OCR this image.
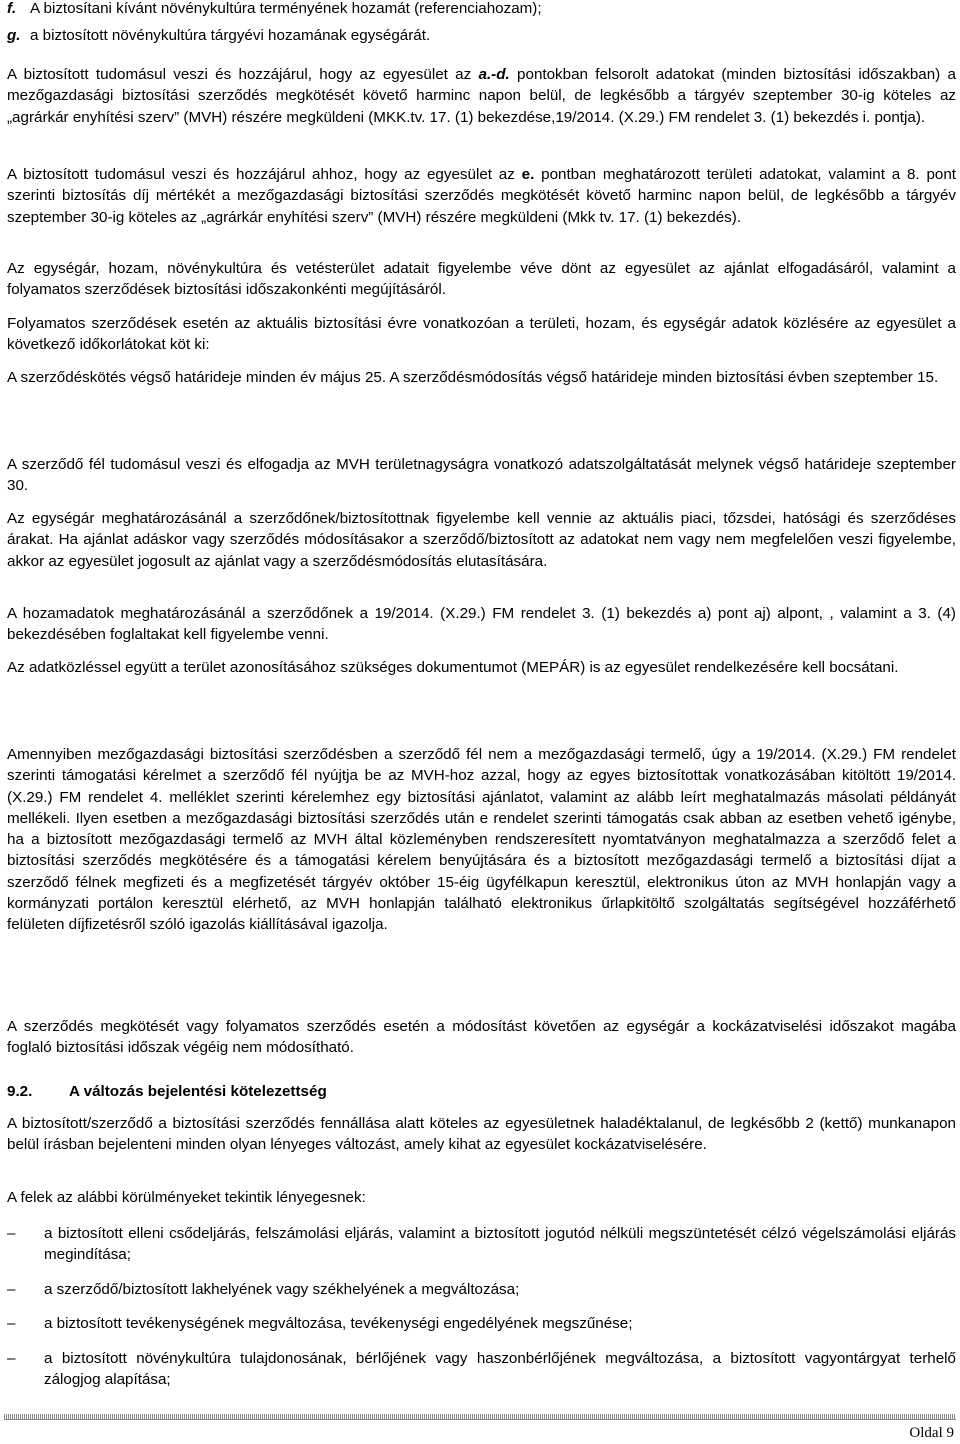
f. A biztosítani kívánt növénykultúra terményének hozamát (referenciahozam);
g. a biztosított növénykultúra tárgyévi hozamának egységárát.

A biztosított tudomásul veszi és hozzájárul, hogy az egyesület az a.-d. pontokban felsorolt adatokat (minden biztosítási időszakban) a mezőgazdasági biztosítási szerződés megkötését követő harminc napon belül, de legkésőbb a tárgyév szeptember 30-ig köteles az „agrárkár enyhítési szerv” (MVH) részére megküldeni (MKK.tv. 17. (1) bekezdése,19/2014. (X.29.) FM rendelet 3. (1) bekezdés i. pontja).

A biztosított tudomásul veszi és hozzájárul ahhoz, hogy az egyesület az e. pontban meghatározott területi adatokat, valamint a 8. pont szerinti biztosítás díj mértékét a mezőgazdasági biztosítási szerződés megkötését követő harminc napon belül, de legkésőbb a tárgyév szeptember 30-ig köteles az „agrárkár enyhítési szerv” (MVH) részére megküldeni (Mkk tv. 17. (1) bekezdés).

Az egységár, hozam, növénykultúra és vetésterület adatait figyelembe véve dönt az egyesület az ajánlat elfogadásáról, valamint a folyamatos szerződések biztosítási időszakonkénti megújításáról.

Folyamatos szerződések esetén az aktuális biztosítási évre vonatkozóan a területi, hozam, és egységár adatok közlésére az egyesület a következő időkorlátokat köt ki:

A szerződéskötés végső határideje minden év május 25. A szerződésmódosítás végső határideje minden biztosítási évben szeptember 15.

A szerződő fél tudomásul veszi és elfogadja az MVH területnagyságra vonatkozó adatszolgáltatását melynek végső határideje szeptember 30.

Az egységár meghatározásánál a szerződőnek/biztosítottnak figyelembe kell vennie az aktuális piaci, tőzsdei, hatósági és szerződéses árakat. Ha ajánlat adáskor vagy szerződés módosításakor a szerződő/biztosított az adatokat nem vagy nem megfelelően veszi figyelembe, akkor az egyesület jogosult az ajánlat vagy a szerződésmódosítás elutasítására.

A hozamadatok meghatározásánál a szerződőnek a 19/2014. (X.29.) FM rendelet 3. (1) bekezdés a) pont aj) alpont, , valamint a 3. (4) bekezdésében foglaltakat kell figyelembe venni.

Az adatközléssel együtt a terület azonosításához szükséges dokumentumot (MEPÁR) is az egyesület rendelkezésére kell bocsátani.

Amennyiben mezőgazdasági biztosítási szerződésben a szerződő fél nem a mezőgazdasági termelő, úgy a 19/2014. (X.29.) FM rendelet szerinti támogatási kérelmet a szerződő fél nyújtja be az MVH-hoz azzal, hogy az egyes biztosítottak vonatkozásában kitöltött 19/2014. (X.29.) FM rendelet 4. melléklet szerinti kérelemhez egy biztosítási ajánlatot, valamint az alább leírt meghatalmazás másolati példányát mellékeli. Ilyen esetben a mezőgazdasági biztosítási szerződés után e rendelet szerinti támogatás csak abban az esetben vehető igénybe, ha a biztosított mezőgazdasági termelő az MVH által közleményben rendszeresített nyomtatványon meghatalmazza a szerződő felet a biztosítási szerződés megkötésére és a támogatási kérelem benyújtására és a biztosított mezőgazdasági termelő a biztosítási díjat a szerződő félnek megfizeti és a megfizetését tárgyév október 15-éig ügyfélkapun keresztül, elektronikus úton az MVH honlapján vagy a kormányzati portálon keresztül elérhető, az MVH honlapján található elektronikus űrlapkitöltő szolgáltatás segítségével hozzáférhető felületen díjfizetésről szóló igazolás kiállításával igazolja.

A szerződés megkötését vagy folyamatos szerződés esetén a módosítást követően az egységár a kockázatviselési időszakot magába foglaló biztosítási időszak végéig nem módosítható.

9.2. A változás bejelentési kötelezettség

A biztosított/szerződő a biztosítási szerződés fennállása alatt köteles az egyesületnek haladéktalanul, de legkésőbb 2 (kettő) munkanapon belül írásban bejelenteni minden olyan lényeges változást, amely kihat az egyesület kockázatviselésére.

A felek az alábbi körülményeket tekintik lényegesnek:

– a biztosított elleni csődeljárás, felszámolási eljárás, valamint a biztosított jogutód nélküli megszüntetését célzó végelszámolási eljárás megindítása;
– a szerződő/biztosított lakhelyének vagy székhelyének a megváltozása;
– a biztosított tevékenységének megváltozása, tevékenységi engedélyének megszűnése;
– a biztosított növénykultúra tulajdonosának, bérlőjének vagy haszonbérlőjének megváltozása, a biztosított vagyontárgyat terhelő zálogjog alapítása;
Oldal 9
